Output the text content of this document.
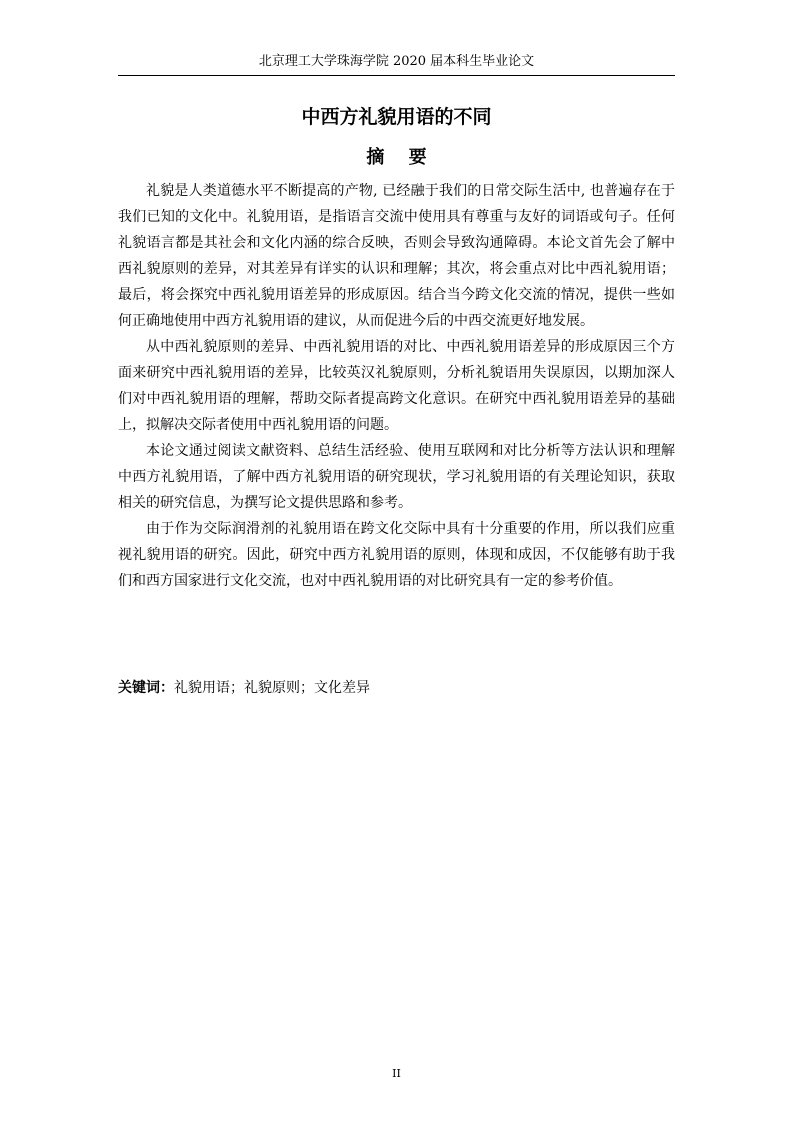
北京理工大学珠海学院 2020 届本科生毕业论文
中西方礼貌用语的不同
摘 要

礼貌是人类道德水平不断提高的产物, 已经融于我们的日常交际生活中, 也普遍存在于我们已知的文化中。礼貌用语，是指语言交流中使用具有尊重与友好的词语或句子。任何礼貌语言都是其社会和文化内涵的综合反映，否则会导致沟通障碍。本论文首先会了解中西礼貌原则的差异，对其差异有详实的认识和理解；其次，将会重点对比中西礼貌用语；最后，将会探究中西礼貌用语差异的形成原因。结合当今跨文化交流的情况，提供一些如何正确地使用中西方礼貌用语的建议，从而促进今后的中西交流更好地发展。

从中西礼貌原则的差异、中西礼貌用语的对比、中西礼貌用语差异的形成原因三个方面来研究中西礼貌用语的差异，比较英汉礼貌原则，分析礼貌语用失误原因，以期加深人们对中西礼貌用语的理解，帮助交际者提高跨文化意识。在研究中西礼貌用语差异的基础上，拟解决交际者使用中西礼貌用语的问题。

本论文通过阅读文献资料、总结生活经验、使用互联网和对比分析等方法认识和理解中西方礼貌用语，了解中西方礼貌用语的研究现状，学习礼貌用语的有关理论知识，获取相关的研究信息，为撰写论文提供思路和参考。

由于作为交际润滑剂的礼貌用语在跨文化交际中具有十分重要的作用，所以我们应重视礼貌用语的研究。因此，研究中西方礼貌用语的原则，体现和成因，不仅能够有助于我们和西方国家进行文化交流，也对中西礼貌用语的对比研究具有一定的参考价值。

关键词：礼貌用语；礼貌原则；文化差异
II
